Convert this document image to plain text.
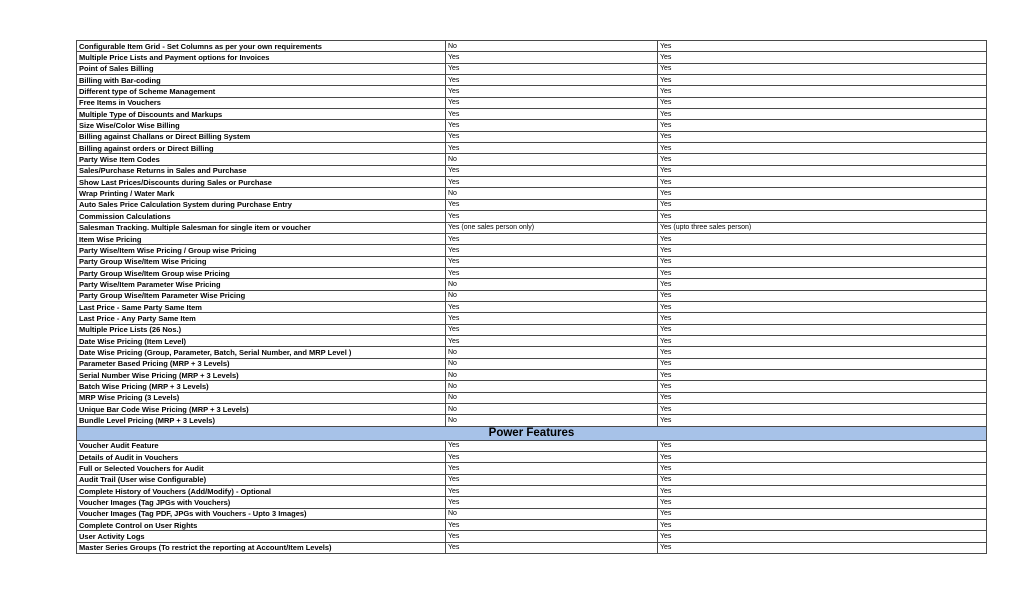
Configurable Item Grid - Set Columns as per your own requirements	No	Yes
Multiple Price Lists and Payment options for Invoices	Yes	Yes
Point of Sales Billing	Yes	Yes
Billing with Bar-coding	Yes	Yes
Different type of Scheme Management	Yes	Yes
Free Items in Vouchers	Yes	Yes
Multiple Type of Discounts and Markups	Yes	Yes
Size Wise/Color Wise Billing	Yes	Yes
Billing against Challans or Direct Billing System	Yes	Yes
Billing against orders or Direct Billing	Yes	Yes
Party Wise Item Codes	No	Yes
Sales/Purchase Returns in Sales and Purchase	Yes	Yes
Show Last Prices/Discounts during Sales or Purchase	Yes	Yes
Wrap Printing / Water Mark	No	Yes
Auto Sales Price Calculation System during Purchase Entry	Yes	Yes
Commission Calculations	Yes	Yes
Salesman Tracking. Multiple Salesman for single item or voucher	Yes (one sales person only)	Yes (upto three sales person)
Item Wise Pricing	Yes	Yes
Party Wise/Item Wise Pricing / Group wise Pricing	Yes	Yes
Party Group Wise/Item Wise Pricing	Yes	Yes
Party Group Wise/Item Group wise Pricing	Yes	Yes
Party Wise/Item Parameter Wise Pricing	No	Yes
Party Group Wise/Item Parameter Wise Pricing	No	Yes
Last Price - Same Party Same Item	Yes	Yes
Last Price - Any Party Same Item	Yes	Yes
Multiple Price Lists (26 Nos.)	Yes	Yes
Date Wise Pricing (Item Level)	Yes	Yes
Date Wise Pricing (Group, Parameter, Batch, Serial Number, and MRP Level )	No	Yes
Parameter Based Pricing (MRP + 3 Levels)	No	Yes
Serial Number Wise Pricing (MRP + 3 Levels)	No	Yes
Batch Wise Pricing (MRP + 3 Levels)	No	Yes
MRP Wise Pricing (3 Levels)	No	Yes
Unique Bar Code Wise Pricing (MRP + 3 Levels)	No	Yes
Bundle Level Pricing (MRP + 3 Levels)	No	Yes
Power Features		
Voucher Audit Feature	Yes	Yes
Details of Audit in Vouchers	Yes	Yes
Full or Selected Vouchers for Audit	Yes	Yes
Audit Trail (User wise Configurable)	Yes	Yes
Complete History of Vouchers (Add/Modify) - Optional	Yes	Yes
Voucher Images (Tag JPGs with Vouchers)	Yes	Yes
Voucher Images (Tag PDF, JPGs with Vouchers - Upto 3 Images)	No	Yes
Complete Control on User Rights	Yes	Yes
User Activity Logs	Yes	Yes
Master Series Groups (To restrict the reporting at Account/Item Levels)	Yes	Yes
